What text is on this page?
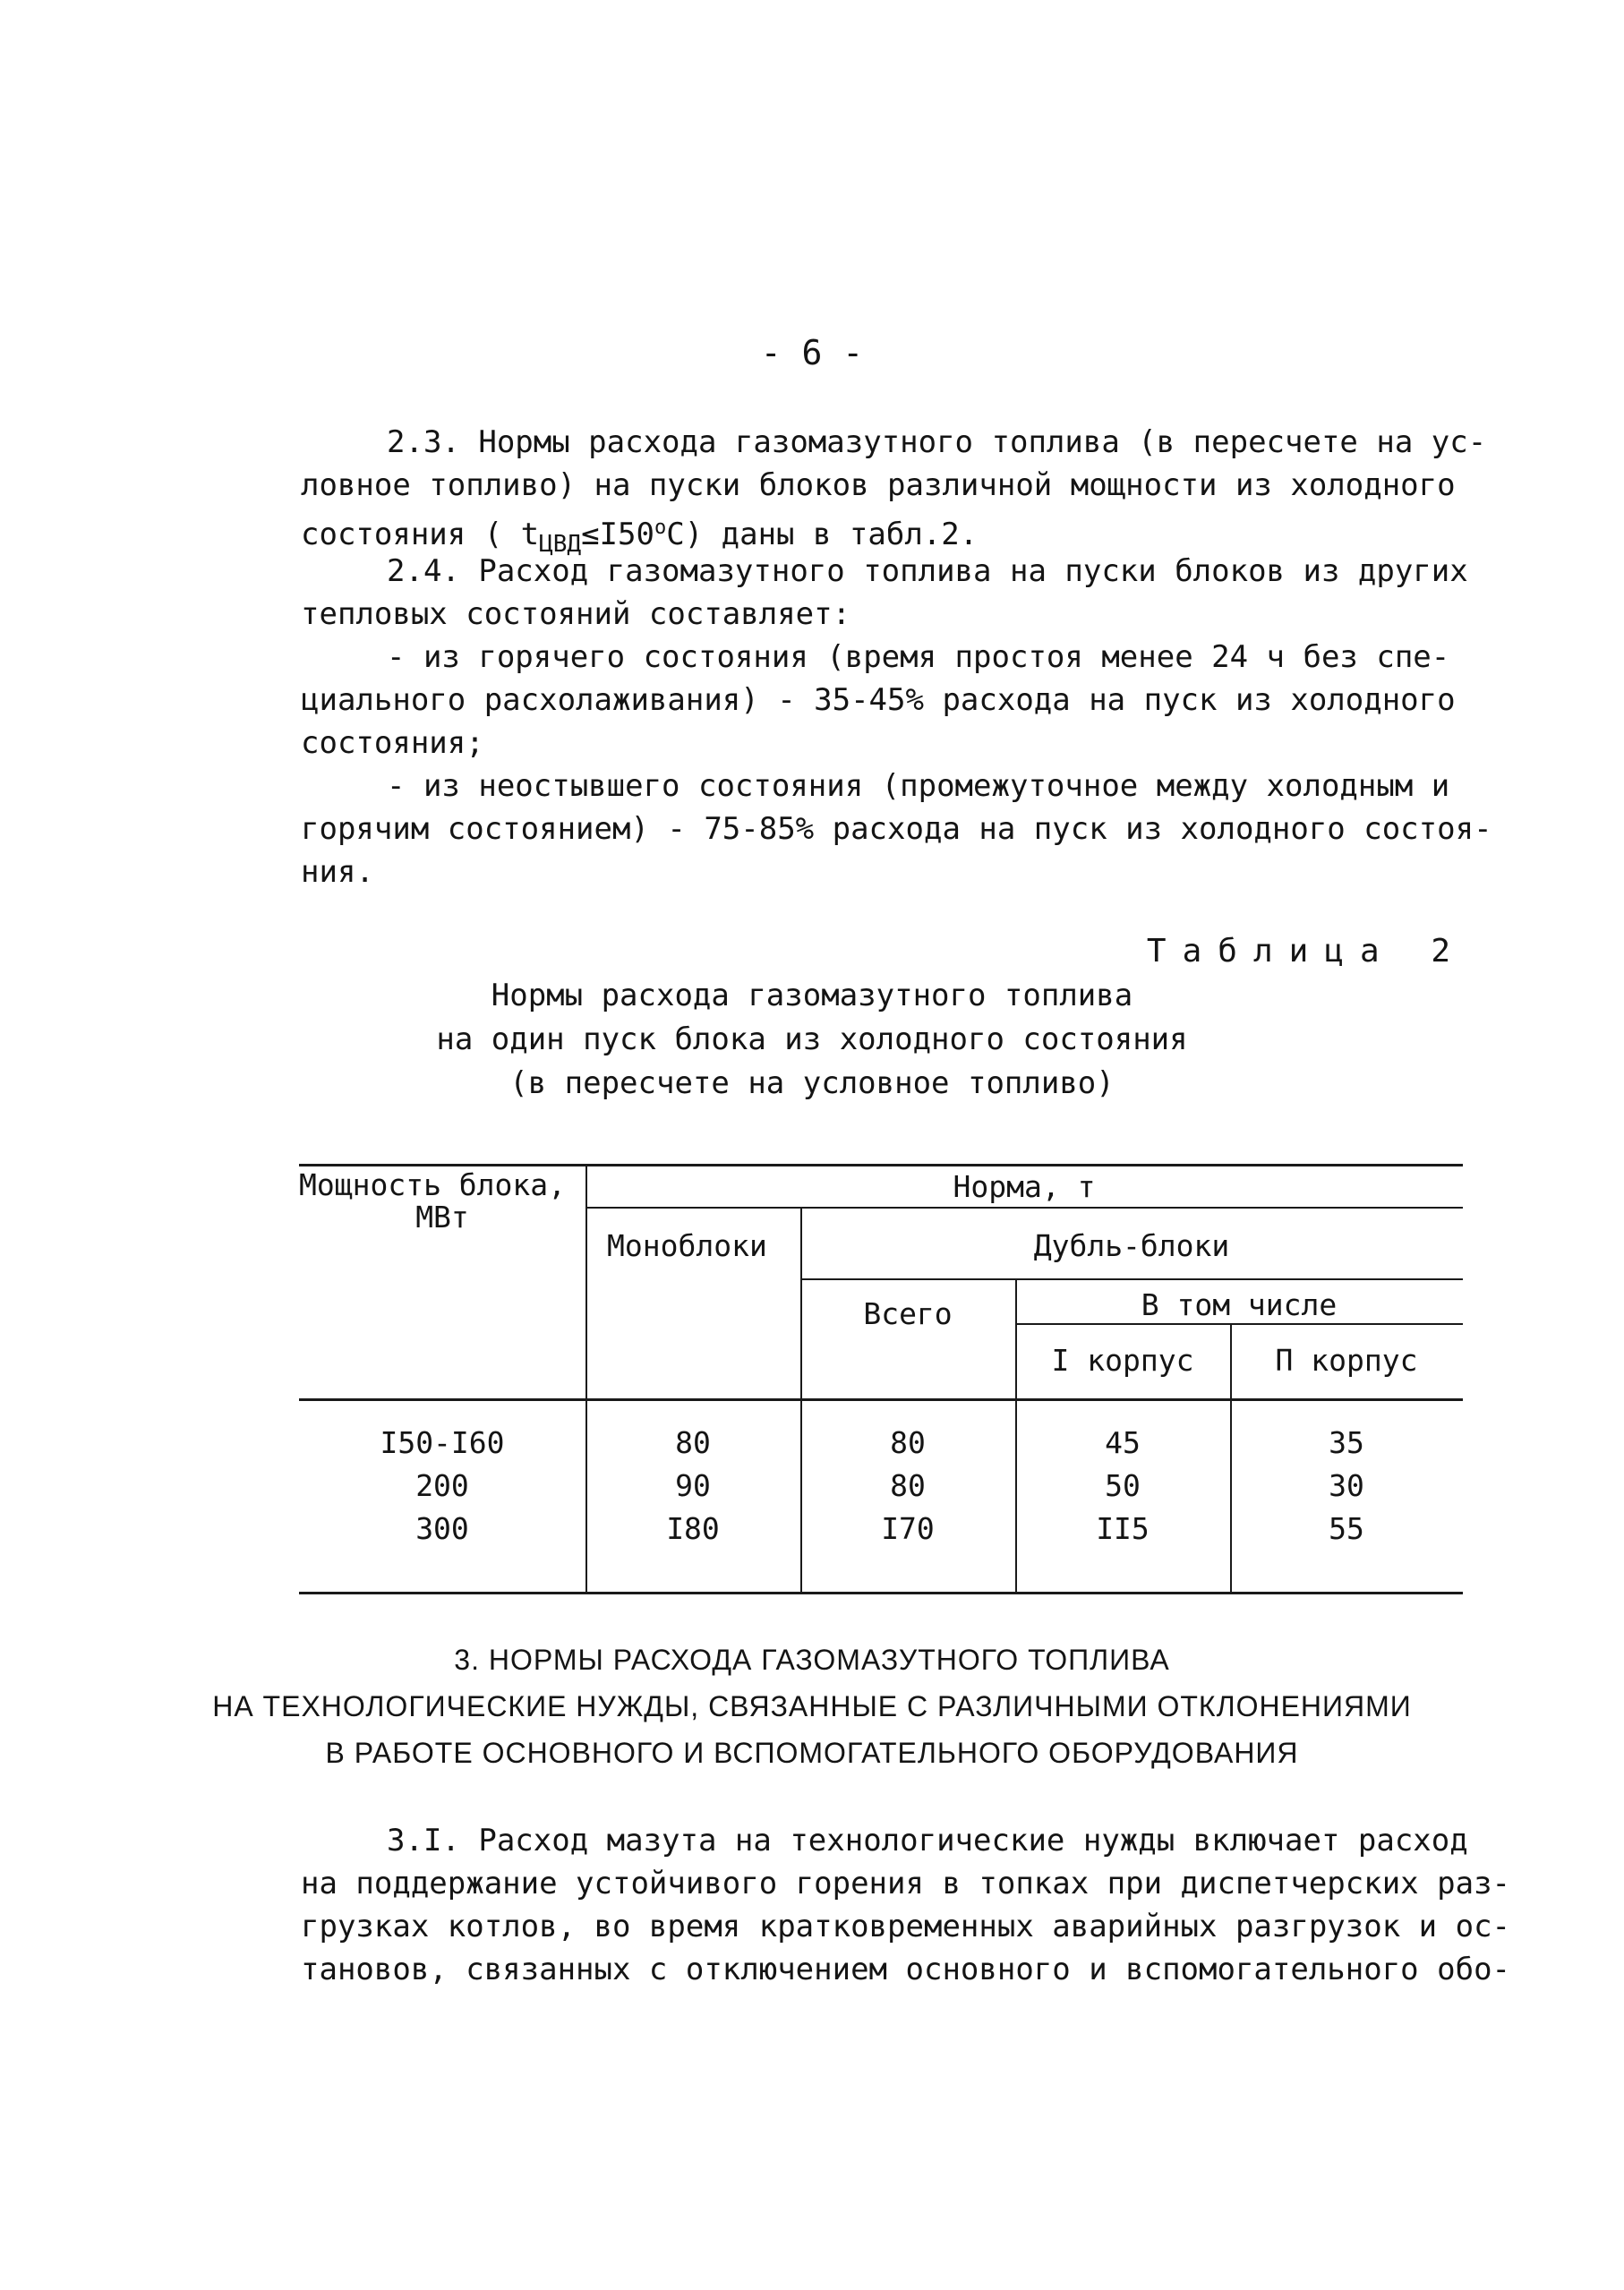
- 6 -
2.3. Нормы расхода газомазутного топлива (в пересчете на ус-
ловное топливо) на пуски блоков различной мощности из холодного
состояния ( $t_{ЦВД}\le I50^оС$) даны в табл.2.
2.4. Расход газомазутного топлива на пуски блоков из других
тепловых состояний составляет:
- из горячего состояния (время простоя менее 24 ч без спе-
циального расхолаживания) - 35-45% расхода на пуск из холодного
состояния;
- из неостывшего состояния (промежуточное между холодным и
горячим состоянием) - 75-85% расхода на пуск из холодного состоя-
ния.
Таблица 2
Нормы расхода газомазутного топлива
на один пуск блока из холодного состояния
(в пересчете на условное топливо)
Мощность блока,
МВт
Норма, т
Моноблоки	Дубль-блоки
Всего	В том числе
I корпус	П корпус
I50-I60	80	80	45	35
200	90	80	50	30
300	I80	I70	II5	55
3. НОРМЫ РАСХОДА ГАЗОМАЗУТНОГО ТОПЛИВА
НА ТЕХНОЛОГИЧЕСКИЕ НУЖДЫ, СВЯЗАННЫЕ С РАЗЛИЧНЫМИ ОТКЛОНЕНИЯМИ
В РАБОТЕ ОСНОВНОГО И ВСПОМОГАТЕЛЬНОГО ОБОРУДОВАНИЯ
3.I. Расход мазута на технологические нужды включает расход
на поддержание устойчивого горения в топках при диспетчерских раз-
грузках котлов, во время кратковременных аварийных разгрузок и ос-
тановов, связанных с отключением основного и вспомогательного обо-
